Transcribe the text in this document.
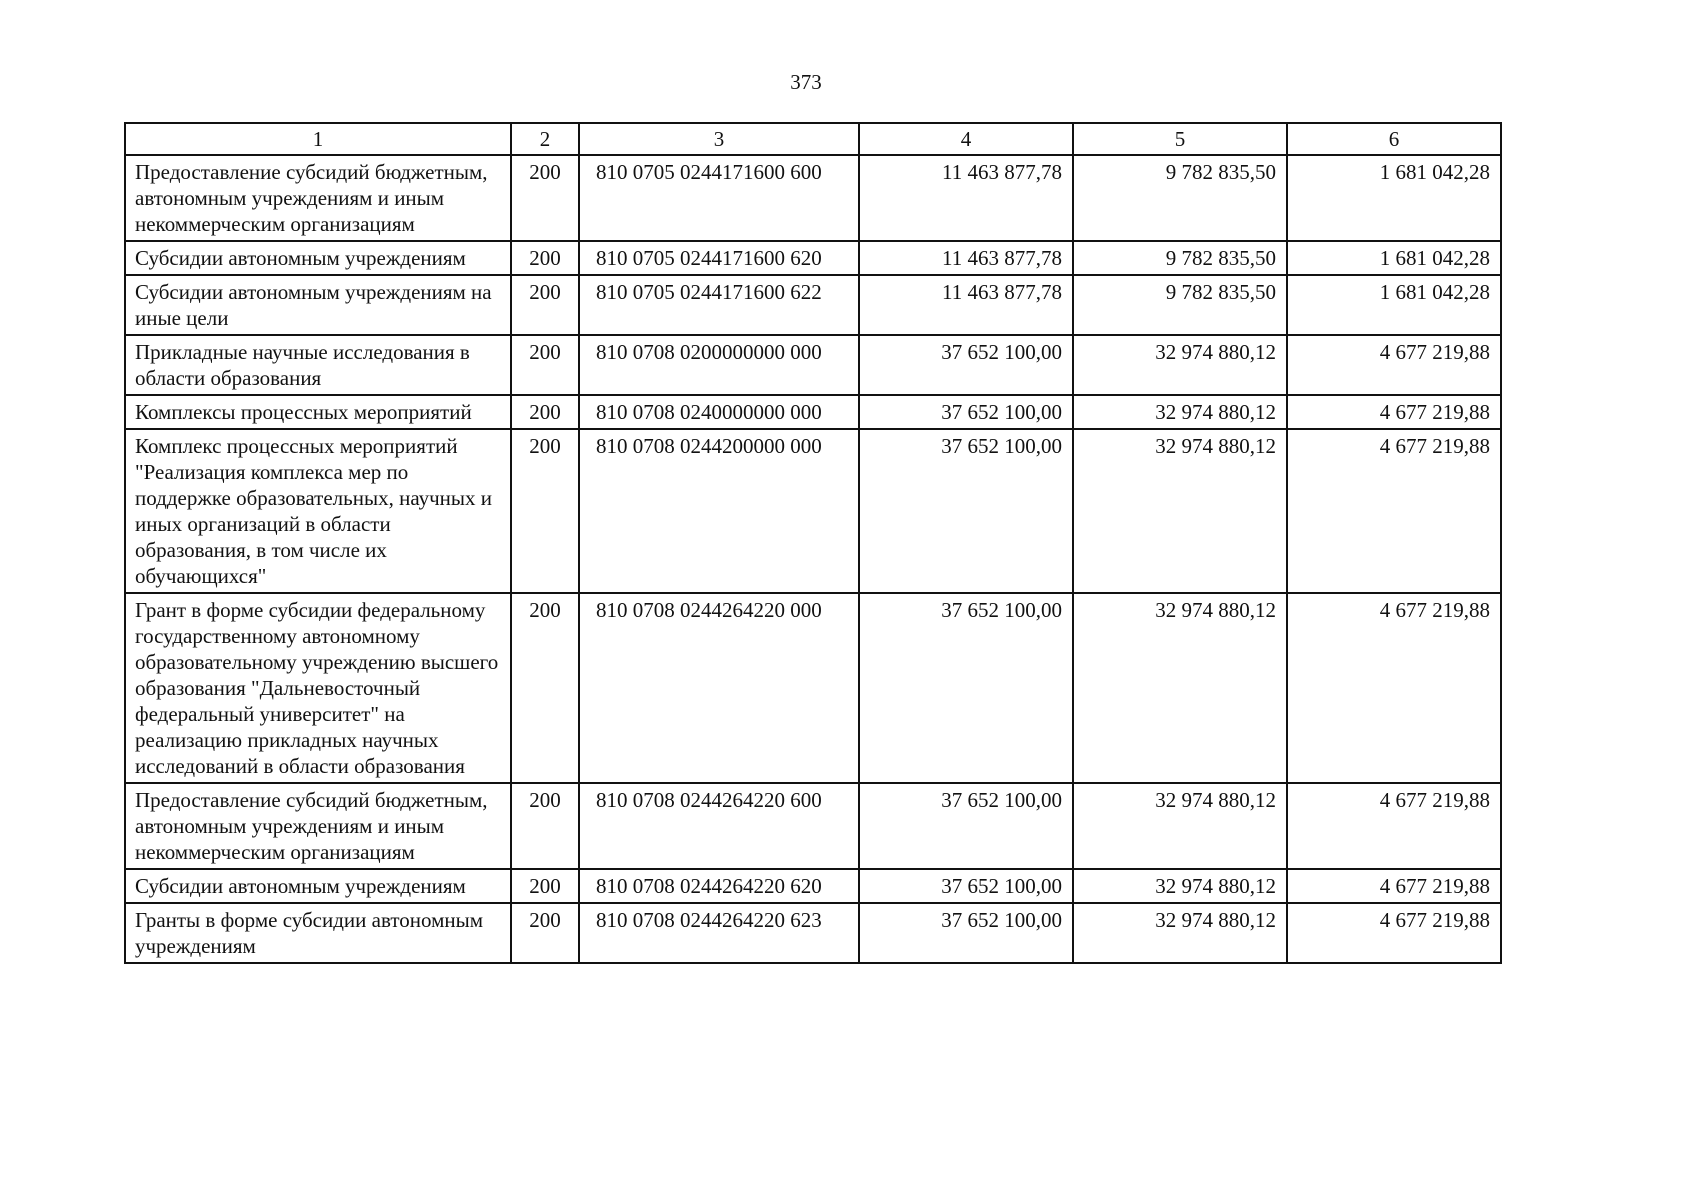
373
1	2	3	4	5	6
Предоставление субсидий бюджетным, автономным учреждениям и иным некоммерческим организациям	200	810 0705 0244171600 600	11 463 877,78	9 782 835,50	1 681 042,28
Субсидии автономным учреждениям	200	810 0705 0244171600 620	11 463 877,78	9 782 835,50	1 681 042,28
Субсидии автономным учреждениям на иные цели	200	810 0705 0244171600 622	11 463 877,78	9 782 835,50	1 681 042,28
Прикладные научные исследования в области образования	200	810 0708 0200000000 000	37 652 100,00	32 974 880,12	4 677 219,88
Комплексы процессных мероприятий	200	810 0708 0240000000 000	37 652 100,00	32 974 880,12	4 677 219,88
Комплекс процессных мероприятий "Реализация комплекса мер по поддержке образовательных, научных и иных организаций в области образования, в том числе их обучающихся"	200	810 0708 0244200000 000	37 652 100,00	32 974 880,12	4 677 219,88
Грант в форме субсидии федеральному государственному автономному образовательному учреждению высшего образования "Дальневосточный федеральный университет" на реализацию прикладных научных исследований в области образования	200	810 0708 0244264220 000	37 652 100,00	32 974 880,12	4 677 219,88
Предоставление субсидий бюджетным, автономным учреждениям и иным некоммерческим организациям	200	810 0708 0244264220 600	37 652 100,00	32 974 880,12	4 677 219,88
Субсидии автономным учреждениям	200	810 0708 0244264220 620	37 652 100,00	32 974 880,12	4 677 219,88
Гранты в форме субсидии автономным учреждениям	200	810 0708 0244264220 623	37 652 100,00	32 974 880,12	4 677 219,88
